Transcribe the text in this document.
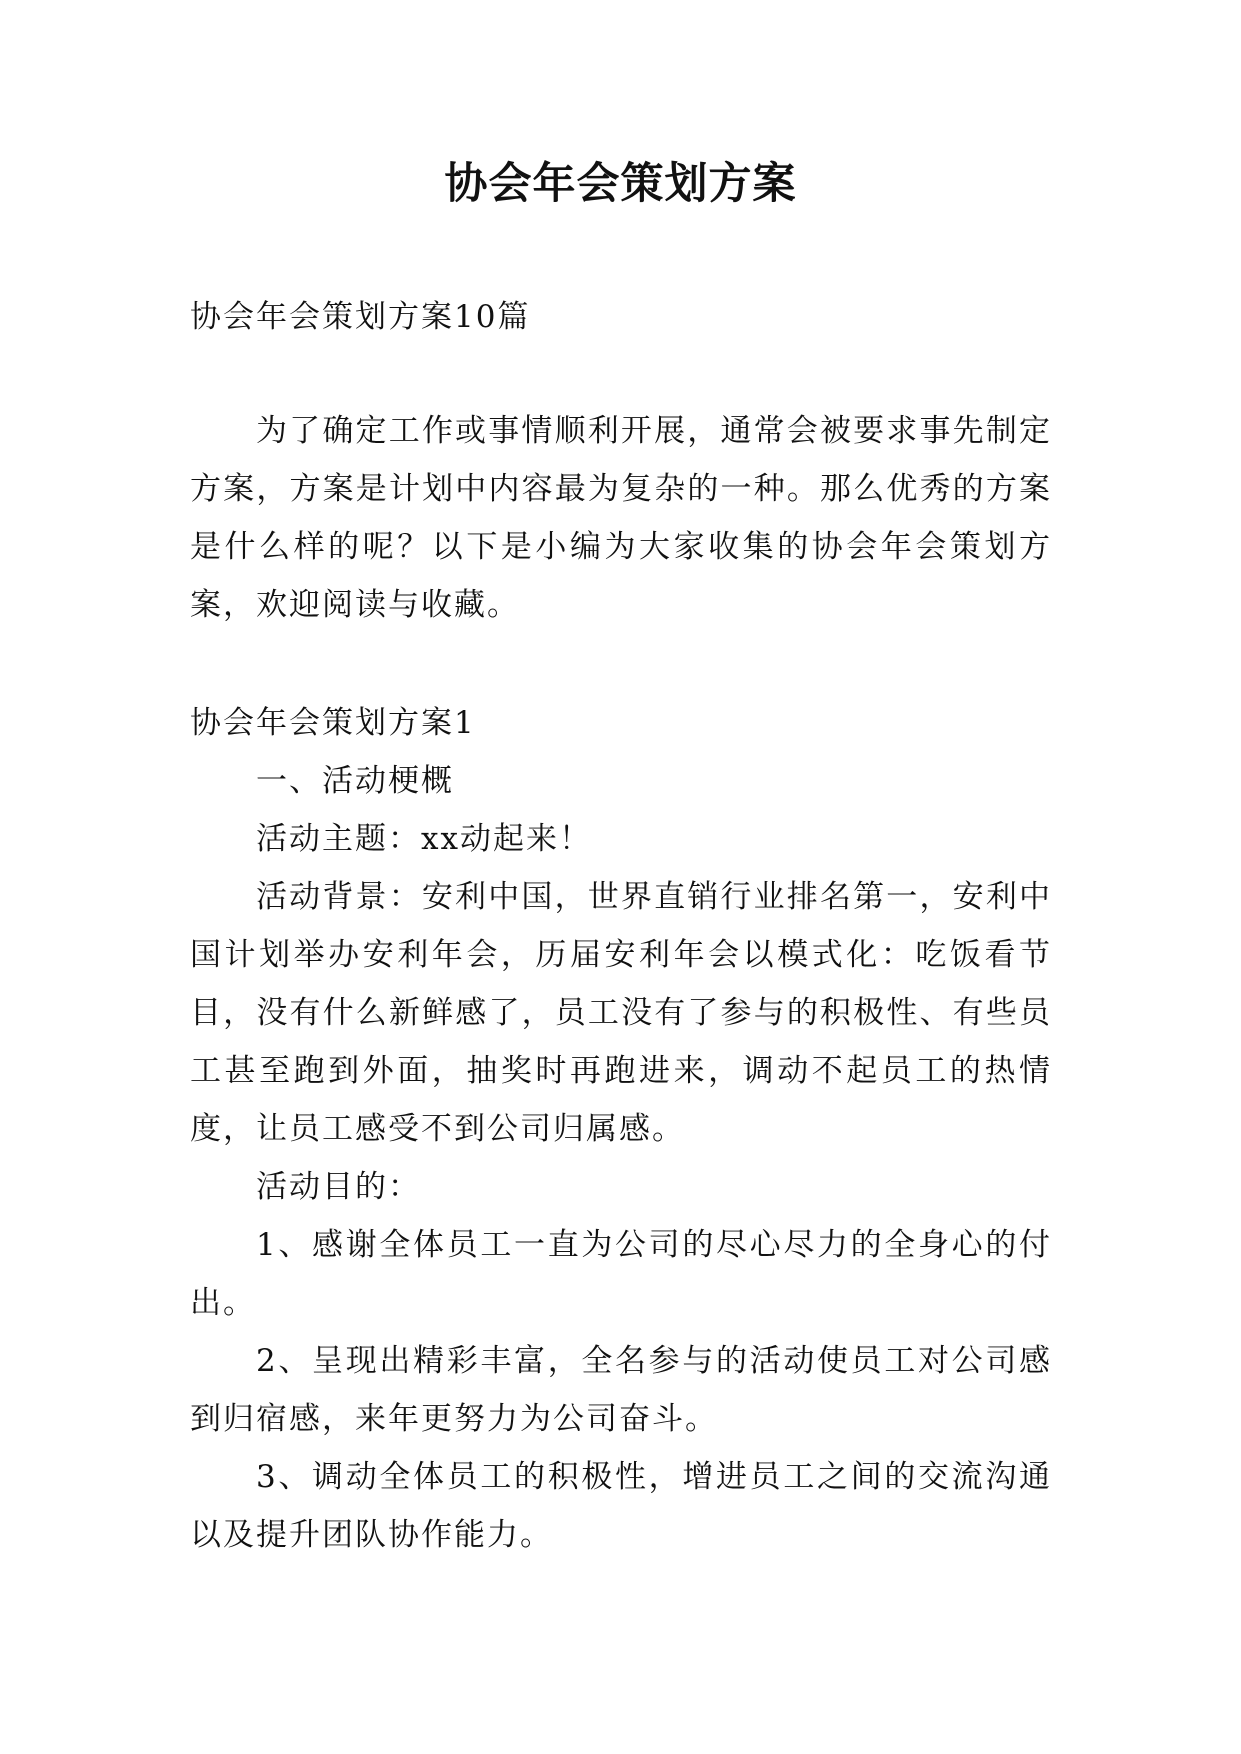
协会年会策划方案

协会年会策划方案10篇

为了确定工作或事情顺利开展，通常会被要求事先制定方案，方案是计划中内容最为复杂的一种。那么优秀的方案是什么样的呢？以下是小编为大家收集的协会年会策划方案，欢迎阅读与收藏。

协会年会策划方案1

一、活动梗概

活动主题：xx动起来！

活动背景：安利中国，世界直销行业排名第一，安利中国计划举办安利年会，历届安利年会以模式化：吃饭看节目，没有什么新鲜感了，员工没有了参与的积极性、有些员工甚至跑到外面，抽奖时再跑进来，调动不起员工的热情度，让员工感受不到公司归属感。

活动目的：

1、感谢全体员工一直为公司的尽心尽力的全身心的付出。

2、呈现出精彩丰富，全名参与的活动使员工对公司感到归宿感，来年更努力为公司奋斗。

3、调动全体员工的积极性，增进员工之间的交流沟通以及提升团队协作能力。
